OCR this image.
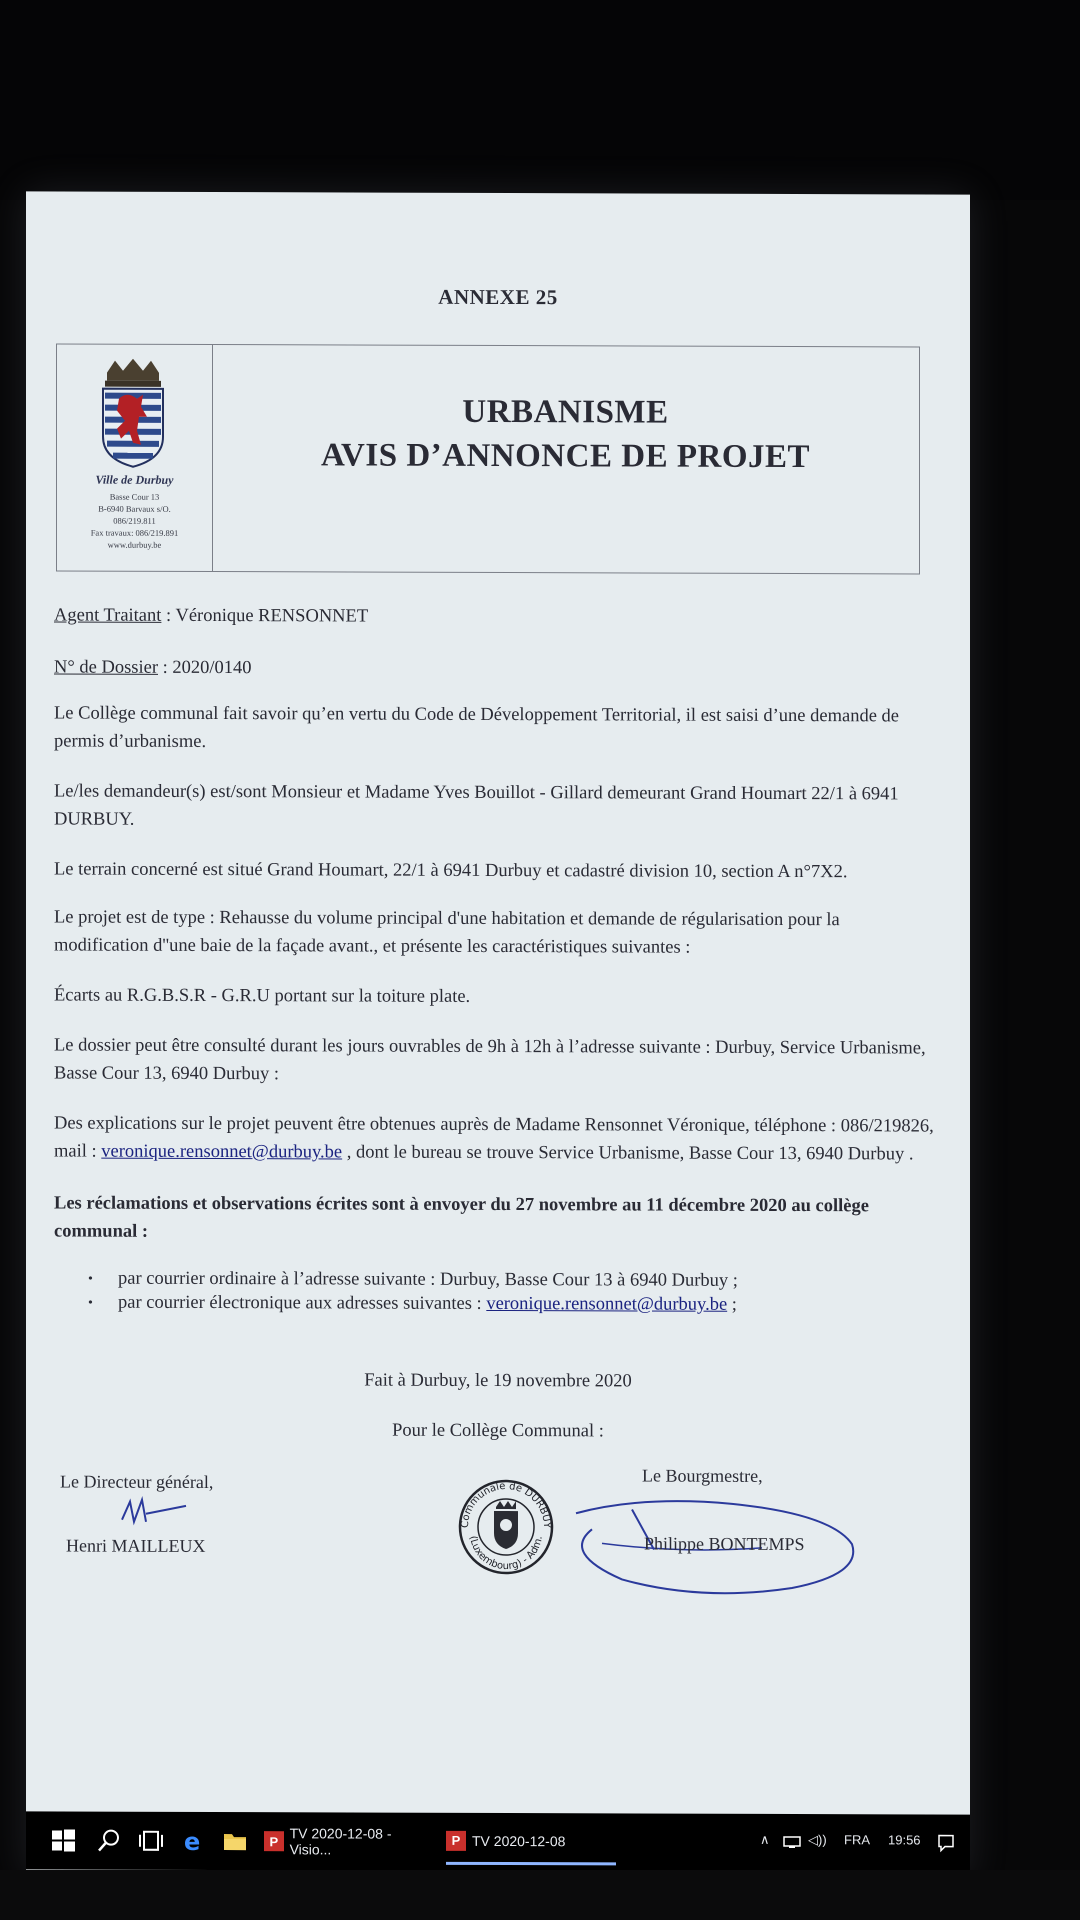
ANNEXE 25
Ville de Durbuy
Basse Cour 13
B-6940 Barvaux s/O.
086/219.811
Fax travaux: 086/219.891
www.durbuy.be
URBANISME
AVIS D’ANNONCE DE PROJET
Agent Traitant : Véronique RENSONNET
N° de Dossier : 2020/0140
Le Collège communal fait savoir qu’en vertu du Code de Développement Territorial, il est saisi d’une demande de permis d’urbanisme.
Le/les demandeur(s) est/sont Monsieur et Madame Yves Bouillot - Gillard demeurant Grand Houmart 22/1 à 6941 DURBUY.
Le terrain concerné est situé Grand Houmart, 22/1 à 6941 Durbuy et cadastré division 10, section A n°7X2.
Le projet est de type : Rehausse du volume principal d'une habitation et demande de régularisation pour la modification d''une baie de la façade avant., et présente les caractéristiques suivantes :
Écarts au R.G.B.S.R - G.R.U portant sur la toiture plate.
Le dossier peut être consulté durant les jours ouvrables de 9h à 12h à l’adresse suivante : Durbuy, Service Urbanisme, Basse Cour 13, 6940 Durbuy :
Des explications sur le projet peuvent être obtenues auprès de Madame Rensonnet Véronique, téléphone : 086/219826, mail : veronique.rensonnet@durbuy.be , dont le bureau se trouve Service Urbanisme, Basse Cour 13, 6940 Durbuy .
Les réclamations et observations écrites sont à envoyer du 27 novembre au 11 décembre 2020 au collège communal :
• par courrier ordinaire à l’adresse suivante : Durbuy, Basse Cour 13 à 6940 Durbuy ;
• par courrier électronique aux adresses suivantes : veronique.rensonnet@durbuy.be ;
Fait à Durbuy, le 19 novembre 2020
Pour le Collège Communal :
Le Directeur général,
Henri MAILLEUX
Communale de DURBUY
(Luxembourg) - Adm.
Le Bourgmestre,
Philippe BONTEMPS
e	P TV 2020-12-08 - Visio...
P TV 2020-12-08	∧	◁)) FRA 19:56
